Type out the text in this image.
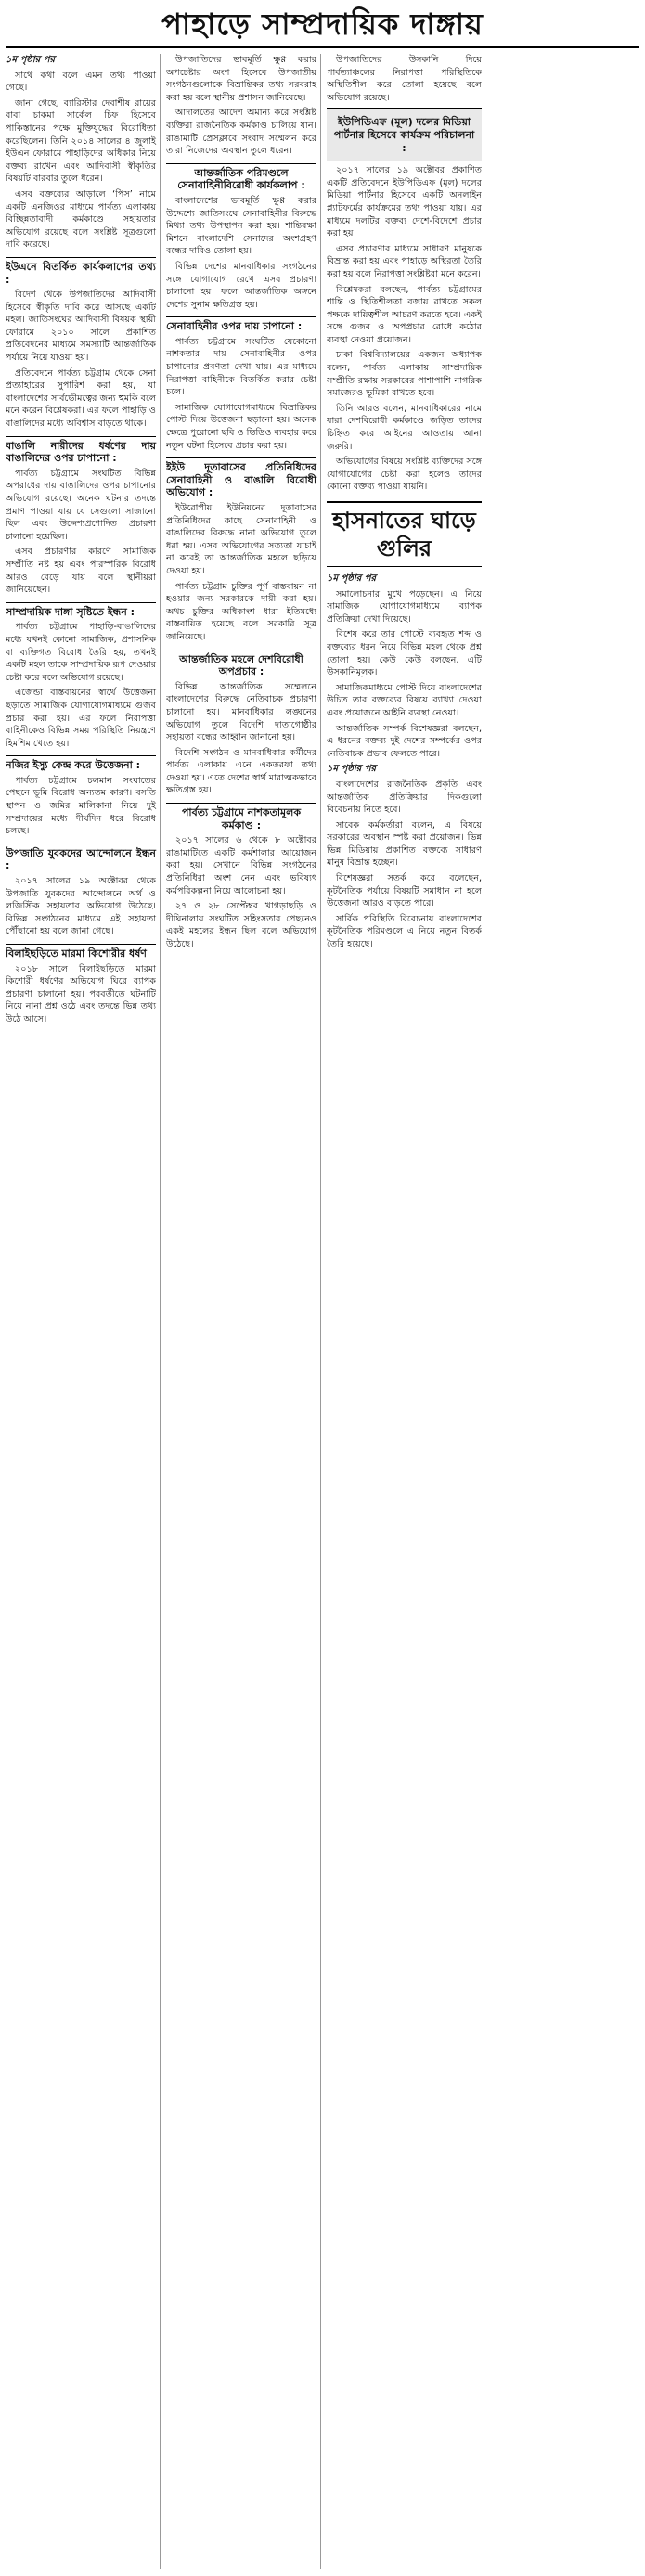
পাহাড়ে সাম্প্রদায়িক দাঙ্গায়
১ম পৃষ্ঠার পর

সাথে কথা বলে এমন তথ্য পাওয়া গেছে।

জানা গেছে, ব্যারিস্টার দেবাশীষ রায়ের বাবা চাকমা সার্কেল চিফ হিসেবে পাকিস্তানের পক্ষে মুক্তিযুদ্ধের বিরোধিতা করেছিলেন। তিনি ২০১৪ সালের ৪ জুলাই ইউএন ফোরামে পাহাড়িদের অধিকার নিয়ে বক্তব্য রাখেন এবং আদিবাসী স্বীকৃতির বিষয়টি বারবার তুলে ধরেন।

এসব বক্তব্যের আড়ালে ‘পিস’ নামে একটি এনজিওর মাধ্যমে পার্বত্য এলাকায় বিচ্ছিন্নতাবাদী কর্মকাণ্ডে সহায়তার অভিযোগ রয়েছে বলে সংশ্লিষ্ট সূত্রগুলো দাবি করেছে।

ইউএনে বিতর্কিত কার্যকলাপের তথ্য :

বিদেশ থেকে উপজাতিদের আদিবাসী হিসেবে স্বীকৃতি দাবি করে আসছে একটি মহল। জাতিসংঘের আদিবাসী বিষয়ক স্থায়ী ফোরামে ২০১০ সালে প্রকাশিত প্রতিবেদনের মাধ্যমে সমস্যাটি আন্তর্জাতিক পর্যায়ে নিয়ে যাওয়া হয়।

প্রতিবেদনে পার্বত্য চট্টগ্রাম থেকে সেনা প্রত্যাহারের সুপারিশ করা হয়, যা বাংলাদেশের সার্বভৌমত্বের জন্য হুমকি বলে মনে করেন বিশ্লেষকরা। এর ফলে পাহাড়ি ও বাঙালিদের মধ্যে অবিশ্বাস বাড়তে থাকে।

বাঙালি নারীদের ধর্ষণের দায় বাঙালিদের ওপর চাপানো :

পার্বত্য চট্টগ্রামে সংঘটিত বিভিন্ন অপরাধের দায় বাঙালিদের ওপর চাপানোর অভিযোগ রয়েছে। অনেক ঘটনার তদন্তে প্রমাণ পাওয়া যায় যে সেগুলো সাজানো ছিল এবং উদ্দেশ্যপ্রণোদিত প্রচারণা চালানো হয়েছিল।

এসব প্রচারণার কারণে সামাজিক সম্প্রীতি নষ্ট হয় এবং পারস্পরিক বিরোধ আরও বেড়ে যায় বলে স্থানীয়রা জানিয়েছেন।

সাম্প্রদায়িক দাঙ্গা সৃষ্টিতে ইন্ধন :

পার্বত্য চট্টগ্রামে পাহাড়ি-বাঙালিদের মধ্যে যখনই কোনো সামাজিক, প্রশাসনিক বা ব্যক্তিগত বিরোধ তৈরি হয়, তখনই একটি মহল তাকে সাম্প্রদায়িক রূপ দেওয়ার চেষ্টা করে বলে অভিযোগ রয়েছে।

এজেন্ডা বাস্তবায়নের স্বার্থে উত্তেজনা ছড়াতে সামাজিক যোগাযোগমাধ্যমে গুজব প্রচার করা হয়। এর ফলে নিরাপত্তা বাহিনীকেও বিভিন্ন সময় পরিস্থিতি নিয়ন্ত্রণে হিমশিম খেতে হয়।

নজির ইস্যু কেন্দ্র করে উত্তেজনা :

পার্বত্য চট্টগ্রামে চলমান সংঘাতের পেছনে ভূমি বিরোধ অন্যতম কারণ। বসতি স্থাপন ও জমির মালিকানা নিয়ে দুই সম্প্রদায়ের মধ্যে দীর্ঘদিন ধরে বিরোধ চলছে।

উপজাতি যুবকদের আন্দোলনে ইন্ধন :

২০১৭ সালের ১৯ অক্টোবর থেকে উপজাতি যুবকদের আন্দোলনে অর্থ ও লজিস্টিক সহায়তার অভিযোগ উঠেছে। বিভিন্ন সংগঠনের মাধ্যমে এই সহায়তা পৌঁছানো হয় বলে জানা গেছে।

বিলাইছড়িতে মারমা কিশোরীর ধর্ষণ

২০১৮ সালে বিলাইছড়িতে মারমা কিশোরী ধর্ষণের অভিযোগ ঘিরে ব্যাপক প্রচারণা চালানো হয়। পরবর্তীতে ঘটনাটি নিয়ে নানা প্রশ্ন ওঠে এবং তদন্তে ভিন্ন তথ্য উঠে আসে।

উপজাতিদের ভাবমূর্তি ক্ষুণ্ণ করার অপচেষ্টার অংশ হিসেবে উপজাতীয় সংগঠনগুলোকে বিভ্রান্তিকর তথ্য সরবরাহ করা হয় বলে স্থানীয় প্রশাসন জানিয়েছে।

আদালতের আদেশ অমান্য করে সংশ্লিষ্ট ব্যক্তিরা রাজনৈতিক কর্মকাণ্ড চালিয়ে যান। রাঙামাটি প্রেসক্লাবে সংবাদ সম্মেলন করে তারা নিজেদের অবস্থান তুলে ধরেন।

আন্তর্জাতিক পরিমণ্ডলে সেনাবাহিনীবিরোধী কার্যকলাপ :

বাংলাদেশের ভাবমূর্তি ক্ষুণ্ণ করার উদ্দেশ্যে জাতিসংঘে সেনাবাহিনীর বিরুদ্ধে মিথ্যা তথ্য উপস্থাপন করা হয়। শান্তিরক্ষা মিশনে বাংলাদেশি সেনাদের অংশগ্রহণ বন্ধের দাবিও তোলা হয়।

বিভিন্ন দেশের মানবাধিকার সংগঠনের সঙ্গে যোগাযোগ রেখে এসব প্রচারণা চালানো হয়। ফলে আন্তর্জাতিক অঙ্গনে দেশের সুনাম ক্ষতিগ্রস্ত হয়।

সেনাবাহিনীর ওপর দায় চাপানো :

পার্বত্য চট্টগ্রামে সংঘটিত যেকোনো নাশকতার দায় সেনাবাহিনীর ওপর চাপানোর প্রবণতা দেখা যায়। এর মাধ্যমে নিরাপত্তা বাহিনীকে বিতর্কিত করার চেষ্টা চলে।

সামাজিক যোগাযোগমাধ্যমে বিভ্রান্তিকর পোস্ট দিয়ে উত্তেজনা ছড়ানো হয়। অনেক ক্ষেত্রে পুরোনো ছবি ও ভিডিও ব্যবহার করে নতুন ঘটনা হিসেবে প্রচার করা হয়।

ইইউ দূতাবাসের প্রতিনিধিদের সেনাবাহিনী ও বাঙালি বিরোধী অভিযোগ :

ইউরোপীয় ইউনিয়নের দূতাবাসের প্রতিনিধিদের কাছে সেনাবাহিনী ও বাঙালিদের বিরুদ্ধে নানা অভিযোগ তুলে ধরা হয়। এসব অভিযোগের সত্যতা যাচাই না করেই তা আন্তর্জাতিক মহলে ছড়িয়ে দেওয়া হয়।

পার্বত্য চট্টগ্রাম চুক্তির পূর্ণ বাস্তবায়ন না হওয়ার জন্য সরকারকে দায়ী করা হয়। অথচ চুক্তির অধিকাংশ ধারা ইতিমধ্যে বাস্তবায়িত হয়েছে বলে সরকারি সূত্র জানিয়েছে।

আন্তর্জাতিক মহলে দেশবিরোধী অপপ্রচার :

বিভিন্ন আন্তর্জাতিক সম্মেলনে বাংলাদেশের বিরুদ্ধে নেতিবাচক প্রচারণা চালানো হয়। মানবাধিকার লঙ্ঘনের অভিযোগ তুলে বিদেশি দাতাগোষ্ঠীর সহায়তা বন্ধের আহ্বান জানানো হয়।

বিদেশি সংগঠন ও মানবাধিকার কর্মীদের পার্বত্য এলাকায় এনে একতরফা তথ্য দেওয়া হয়। এতে দেশের স্বার্থ মারাত্মকভাবে ক্ষতিগ্রস্ত হয়।

পার্বত্য চট্টগ্রামে নাশকতামূলক কর্মকাণ্ড :

২০১৭ সালের ৬ থেকে ৮ অক্টোবর রাঙামাটিতে একটি কর্মশালার আয়োজন করা হয়। সেখানে বিভিন্ন সংগঠনের প্রতিনিধিরা অংশ নেন এবং ভবিষ্যৎ কর্মপরিকল্পনা নিয়ে আলোচনা হয়।

২৭ ও ২৮ সেপ্টেম্বর খাগড়াছড়ি ও দীঘিনালায় সংঘটিত সহিংসতার পেছনেও একই মহলের ইন্ধন ছিল বলে অভিযোগ উঠেছে।

উপজাতিদের উসকানি দিয়ে পার্বত্যাঞ্চলের নিরাপত্তা পরিস্থিতিকে অস্থিতিশীল করে তোলা হয়েছে বলে অভিযোগ রয়েছে।

ইউপিডিএফ (মূল) দলের মিডিয়া পার্টনার হিসেবে কার্যক্রম পরিচালনা :

২০১৭ সালের ১৯ অক্টোবর প্রকাশিত একটি প্রতিবেদনে ইউপিডিএফ (মূল) দলের মিডিয়া পার্টনার হিসেবে একটি অনলাইন প্ল্যাটফর্মের কার্যক্রমের তথ্য পাওয়া যায়। এর মাধ্যমে দলটির বক্তব্য দেশে-বিদেশে প্রচার করা হয়।

এসব প্রচারণার মাধ্যমে সাধারণ মানুষকে বিভ্রান্ত করা হয় এবং পাহাড়ে অস্থিরতা তৈরি করা হয় বলে নিরাপত্তা সংশ্লিষ্টরা মনে করেন।

বিশ্লেষকরা বলছেন, পার্বত্য চট্টগ্রামের শান্তি ও স্থিতিশীলতা বজায় রাখতে সকল পক্ষকে দায়িত্বশীল আচরণ করতে হবে। একই সঙ্গে গুজব ও অপপ্রচার রোধে কঠোর ব্যবস্থা নেওয়া প্রয়োজন।

ঢাকা বিশ্ববিদ্যালয়ের একজন অধ্যাপক বলেন, পার্বত্য এলাকায় সাম্প্রদায়িক সম্প্রীতি রক্ষায় সরকারের পাশাপাশি নাগরিক সমাজেরও ভূমিকা রাখতে হবে।

তিনি আরও বলেন, মানবাধিকারের নামে যারা দেশবিরোধী কর্মকাণ্ডে জড়িত তাদের চিহ্নিত করে আইনের আওতায় আনা জরুরি।

অভিযোগের বিষয়ে সংশ্লিষ্ট ব্যক্তিদের সঙ্গে যোগাযোগের চেষ্টা করা হলেও তাদের কোনো বক্তব্য পাওয়া যায়নি।

হাসনাতের ঘাড়ে গুলির
১ম পৃষ্ঠার পর

সমালোচনার মুখে পড়েছেন। এ নিয়ে সামাজিক যোগাযোগমাধ্যমে ব্যাপক প্রতিক্রিয়া দেখা দিয়েছে।

বিশেষ করে তার পোস্টে ব্যবহৃত শব্দ ও বক্তব্যের ধরন নিয়ে বিভিন্ন মহল থেকে প্রশ্ন তোলা হয়। কেউ কেউ বলছেন, এটি উসকানিমূলক।

সামাজিকমাধ্যমে পোস্ট দিয়ে বাংলাদেশের উচিত তার বক্তব্যের বিষয়ে ব্যাখ্যা দেওয়া এবং প্রয়োজনে আইনি ব্যবস্থা নেওয়া।

আন্তর্জাতিক সম্পর্ক বিশেষজ্ঞরা বলছেন, এ ধরনের বক্তব্য দুই দেশের সম্পর্কের ওপর নেতিবাচক প্রভাব ফেলতে পারে।

১ম পৃষ্ঠার পর

বাংলাদেশের রাজনৈতিক প্রকৃতি এবং আন্তর্জাতিক প্রতিক্রিয়ার দিকগুলো বিবেচনায় নিতে হবে।

সাবেক কর্মকর্তারা বলেন, এ বিষয়ে সরকারের অবস্থান স্পষ্ট করা প্রয়োজন। ভিন্ন ভিন্ন মিডিয়ায় প্রকাশিত বক্তব্যে সাধারণ মানুষ বিভ্রান্ত হচ্ছেন।

বিশেষজ্ঞরা সতর্ক করে বলেছেন, কূটনৈতিক পর্যায়ে বিষয়টি সমাধান না হলে উত্তেজনা আরও বাড়তে পারে।

সার্বিক পরিস্থিতি বিবেচনায় বাংলাদেশের কূটনৈতিক পরিমণ্ডলে এ নিয়ে নতুন বিতর্ক তৈরি হয়েছে।
